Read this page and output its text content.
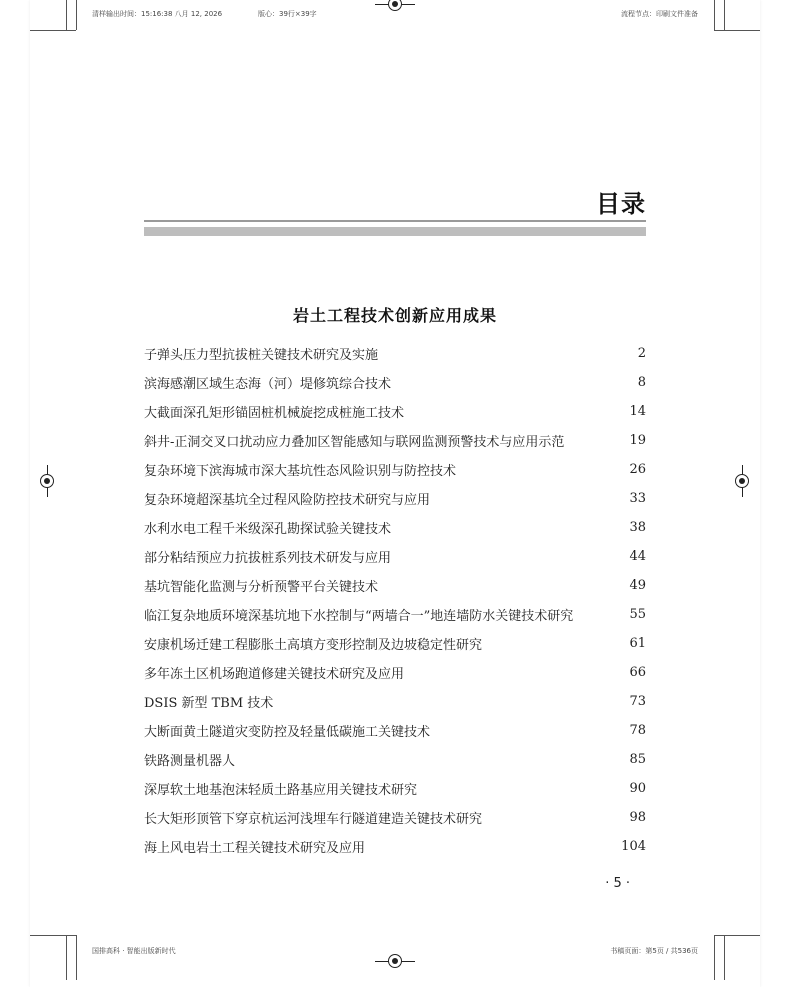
清样输出时间：15:16:38 八月 12, 2026	版心：39行×39字	流程节点：印刷文件准备
国排高科 · 智能出版新时代	书稿页面：第5页 / 共536页
目录
岩土工程技术创新应用成果
子弹头压力型抗拔桩关键技术研究及实施	2
滨海感潮区域生态海（河）堤修筑综合技术	8
大截面深孔矩形锚固桩机械旋挖成桩施工技术	14
斜井-正洞交叉口扰动应力叠加区智能感知与联网监测预警技术与应用示范	19
复杂环境下滨海城市深大基坑性态风险识别与防控技术	26
复杂环境超深基坑全过程风险防控技术研究与应用	33
水利水电工程千米级深孔勘探试验关键技术	38
部分粘结预应力抗拔桩系列技术研发与应用	44
基坑智能化监测与分析预警平台关键技术	49
临江复杂地质环境深基坑地下水控制与“两墙合一”地连墙防水关键技术研究	55
安康机场迁建工程膨胀土高填方变形控制及边坡稳定性研究	61
多年冻土区机场跑道修建关键技术研究及应用	66
DSIS 新型 TBM 技术	73
大断面黄土隧道灾变防控及轻量低碳施工关键技术	78
铁路测量机器人	85
深厚软土地基泡沫轻质土路基应用关键技术研究	90
长大矩形顶管下穿京杭运河浅埋车行隧道建造关键技术研究	98
海上风电岩土工程关键技术研究及应用	104
· 5 ·
